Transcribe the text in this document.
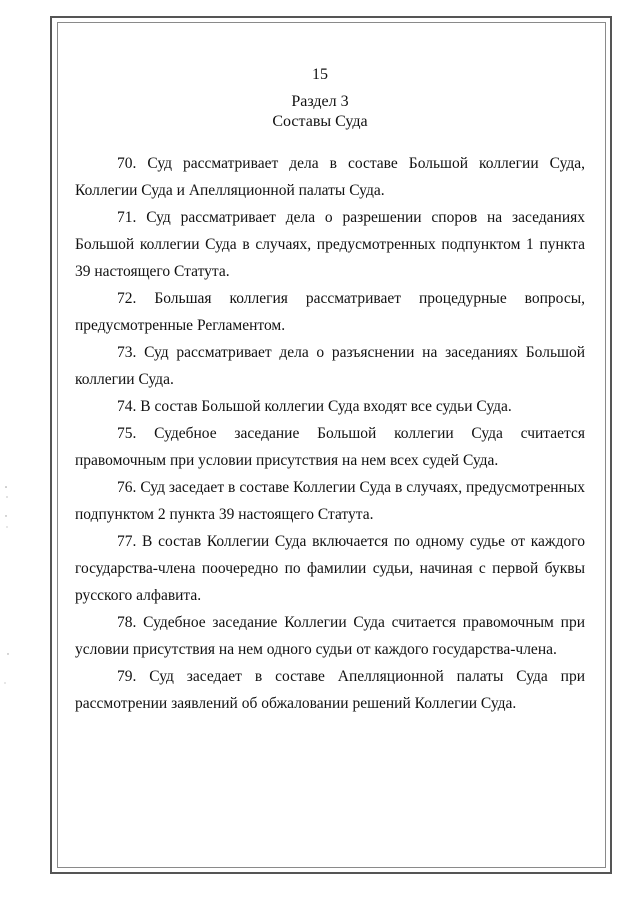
15
Раздел 3
Составы Суда

70. Суд рассматривает дела в составе Большой коллегии Суда, Коллегии Суда и Апелляционной палаты Суда.

71. Суд рассматривает дела о разрешении споров на заседаниях Большой коллегии Суда в случаях, предусмотренных подпунктом 1 пункта 39 настоящего Статута.

72. Большая коллегия рассматривает процедурные вопросы, предусмотренные Регламентом.

73. Суд рассматривает дела о разъяснении на заседаниях Большой коллегии Суда.

74. В состав Большой коллегии Суда входят все судьи Суда.

75. Судебное заседание Большой коллегии Суда считается правомочным при условии присутствия на нем всех судей Суда.

76. Суд заседает в составе Коллегии Суда в случаях, предусмотренных подпунктом 2 пункта 39 настоящего Статута.

77. В состав Коллегии Суда включается по одному судье от каждого государства-члена поочередно по фамилии судьи, начиная с первой буквы русского алфавита.

78. Судебное заседание Коллегии Суда считается правомочным при условии присутствия на нем одного судьи от каждого государства-члена.

79. Суд заседает в составе Апелляционной палаты Суда при рассмотрении заявлений об обжаловании решений Коллегии Суда.
